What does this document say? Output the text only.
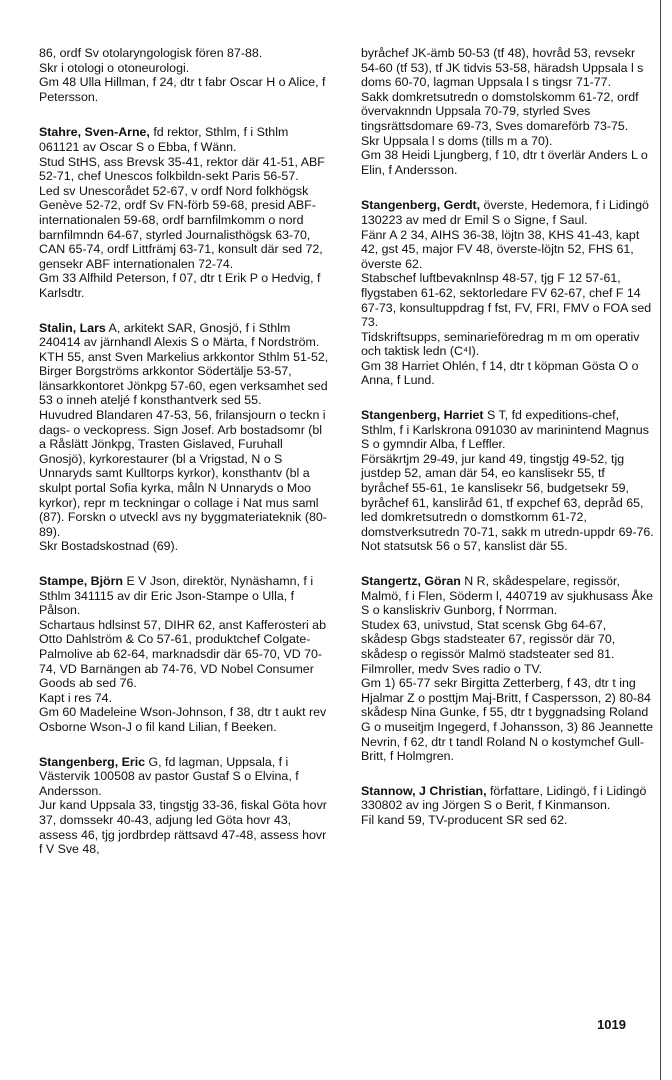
86, ordf Sv otolaryngologisk fören 87-88.

Skr i otologi o otoneurologi.

Gm 48 Ulla Hillman, f 24, dtr t fabr Oscar H o Alice, f Petersson.

Stahre, Sven-Arne, fd rektor, Sthlm, f i Sthlm 061121 av Oscar S o Ebba, f Wänn.

Stud StHS, ass Brevsk 35-41, rektor där 41-51, ABF 52-71, chef Unescos folkbildn-sekt Paris 56-57.

Led sv Unescorådet 52-67, v ordf Nord folkhögsk Genève 52-72, ordf Sv FN-förb 59-68, presid ABF-internationalen 59-68, ordf barnfilmkomm o nord barnfilmndn 64-67, styrled Journalisthögsk 63-70, CAN 65-74, ordf Littfrämj 63-71, konsult där sed 72, gensekr ABF internationalen 72-74.

Gm 33 Alfhild Peterson, f 07, dtr t Erik P o Hedvig, f Karlsdtr.

Stalin, Lars A, arkitekt SAR, Gnosjö, f i Sthlm 240414 av järnhandl Alexis S o Märta, f Nordström.

KTH 55, anst Sven Markelius arkkontor Sthlm 51-52, Birger Borgströms arkkontor Södertälje 53-57, länsarkkontoret Jönkpg 57-60, egen verksamhet sed 53 o inneh ateljé f konsthantverk sed 55.

Huvudred Blandaren 47-53, 56, frilansjourn o teckn i dags- o veckopress. Sign Josef. Arb bostadsomr (bl a Råslätt Jönkpg, Trasten Gislaved, Furuhall Gnosjö), kyrkorestaurer (bl a Vrigstad, N o S Unnaryds samt Kulltorps kyrkor), konsthantv (bl a skulpt portal Sofia kyrka, måln N Unnaryds o Moo kyrkor), repr m teckningar o collage i Nat mus saml (87). Forskn o utveckl avs ny byggmateriateknik (80-89).

Skr Bostadskostnad (69).

Stampe, Björn E V Json, direktör, Nynäshamn, f i Sthlm 341115 av dir Eric Json-Stampe o Ulla, f Pålson.

Schartaus hdlsinst 57, DIHR 62, anst Kafferosteri ab Otto Dahlström & Co 57-61, produktchef Colgate-Palmolive ab 62-64, marknadsdir där 65-70, VD 70-74, VD Barnängen ab 74-76, VD Nobel Consumer Goods ab sed 76.

Kapt i res 74.

Gm 60 Madeleine Wson-Johnson, f 38, dtr t aukt rev Osborne Wson-J o fil kand Lilian, f Beeken.

Stangenberg, Eric G, fd lagman, Uppsala, f i Västervik 100508 av pastor Gustaf S o Elvina, f Andersson.

Jur kand Uppsala 33, tingstjg 33-36, fiskal Göta hovr 37, domssekr 40-43, adjung led Göta hovr 43, assess 46, tjg jordbrdep rättsavd 47-48, assess hovr f V Sve 48,

byråchef JK-ämb 50-53 (tf 48), hovråd 53, revsekr 54-60 (tf 53), tf JK tidvis 53-58, häradsh Uppsala l s doms 60-70, lagman Uppsala l s tingsr 71-77.

Sakk domkretsutredn o domstolskomm 61-72, ordf övervaknndn Uppsala 70-79, styrled Sves tingsrättsdomare 69-73, Sves domareförb 73-75.

Skr Uppsala l s doms (tills m a 70).

Gm 38 Heidi Ljungberg, f 10, dtr t överlär Anders L o Elin, f Andersson.

Stangenberg, Gerdt, överste, Hedemora, f i Lidingö 130223 av med dr Emil S o Signe, f Saul.

Fänr A 2 34, AIHS 36-38, löjtn 38, KHS 41-43, kapt 42, gst 45, major FV 48, överste-löjtn 52, FHS 61, överste 62.

Stabschef luftbevaknlnsp 48-57, tjg F 12 57-61, flygstaben 61-62, sektorledare FV 62-67, chef F 14 67-73, konsultuppdrag f fst, FV, FRI, FMV o FOA sed 73.

Tidskriftsupps, seminarieföredrag m m om operativ och taktisk ledn (C⁴I).

Gm 38 Harriet Ohlén, f 14, dtr t köpman Gösta O o Anna, f Lund.

Stangenberg, Harriet S T, fd expeditions-chef, Sthlm, f i Karlskrona 091030 av marinintend Magnus S o gymndir Alba, f Leffler.

Försäkrtjm 29-49, jur kand 49, tingstjg 49-52, tjg justdep 52, aman där 54, eo kanslisekr 55, tf byråchef 55-61, 1e kanslisekr 56, budgetsekr 59, byråchef 61, kansliråd 61, tf expchef 63, depråd 65, led domkretsutredn o domstkomm 61-72, domstverksutredn 70-71, sakk m utredn-uppdr 69-76.

Not statsutsk 56 o 57, kanslist där 55.

Stangertz, Göran N R, skådespelare, regissör, Malmö, f i Flen, Söderm l, 440719 av sjukhusass Åke S o kansliskriv Gunborg, f Norrman.

Studex 63, univstud, Stat scensk Gbg 64-67, skådesp Gbgs stadsteater 67, regissör där 70, skådesp o regissör Malmö stadsteater sed 81.

Filmroller, medv Sves radio o TV.

Gm 1) 65-77 sekr Birgitta Zetterberg, f 43, dtr t ing Hjalmar Z o posttjm Maj-Britt, f Caspersson, 2) 80-84 skådesp Nina Gunke, f 55, dtr t byggnadsing Roland G o museitjm Ingegerd, f Johansson, 3) 86 Jeannette Nevrin, f 62, dtr t tandl Roland N o kostymchef Gull-Britt, f Holmgren.

Stannow, J Christian, författare, Lidingö, f i Lidingö 330802 av ing Jörgen S o Berit, f Kinmanson.

Fil kand 59, TV-producent SR sed 62.

1019
